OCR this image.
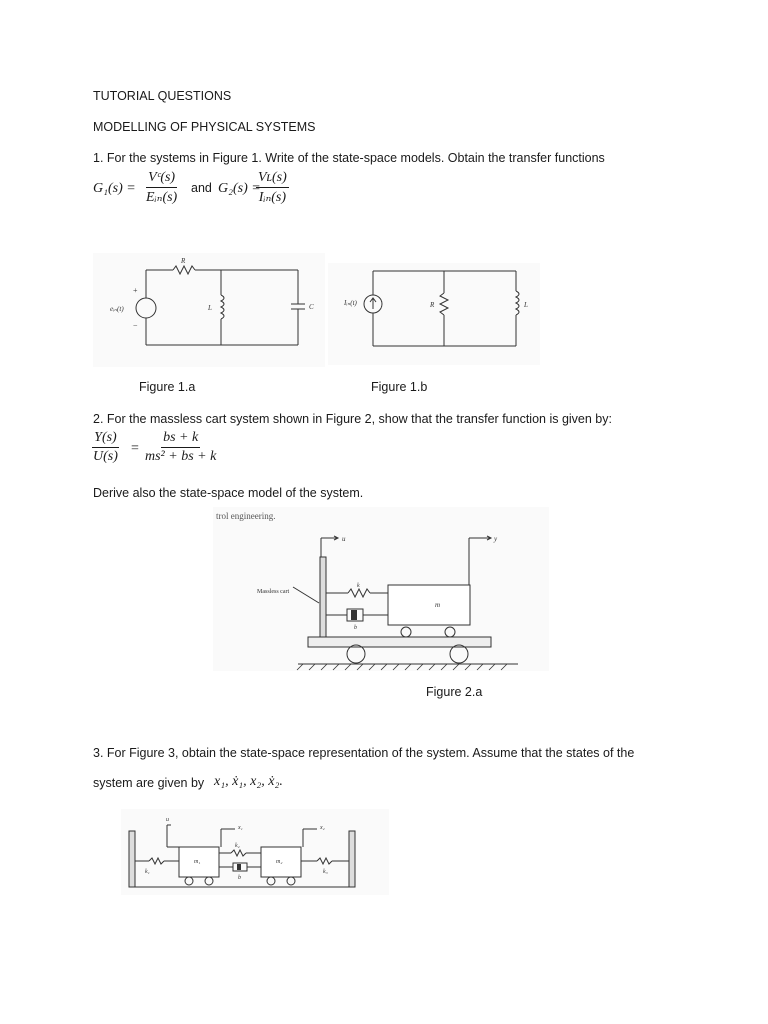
TUTORIAL QUESTIONS
MODELLING OF PHYSICAL SYSTEMS
1. For the systems in Figure 1. Write of the state-space models. Obtain the transfer functions
G₁(s) =
Vᶜ(s)
Eᵢₙ(s)
and G₂(s) =
Vʟ(s)
Iᵢₙ(s)
R
L	C
eᵢₙ(t)
+
−
Figure 1.a
Iᵢₙ(t)	R	L
Figure 1.b
2. For the massless cart system shown in Figure 2, show that the transfer function is given by:
$\frac{Y(s)}{U(s)} = \frac{bs + k}{\text{ms² + bs + k}}$
Derive also the state-space model of the system.
trol engineering.
u	y
Massless cart
k
b
m
Figure 2.a
3. For Figure 3, obtain the state-space representation of the system. Assume that the states of the
system are given by x₁, ẋ₁, x₂, ẋ₂.
u
x₁	x₂
k₁
k₂
k₃
b
m₁	m₂
